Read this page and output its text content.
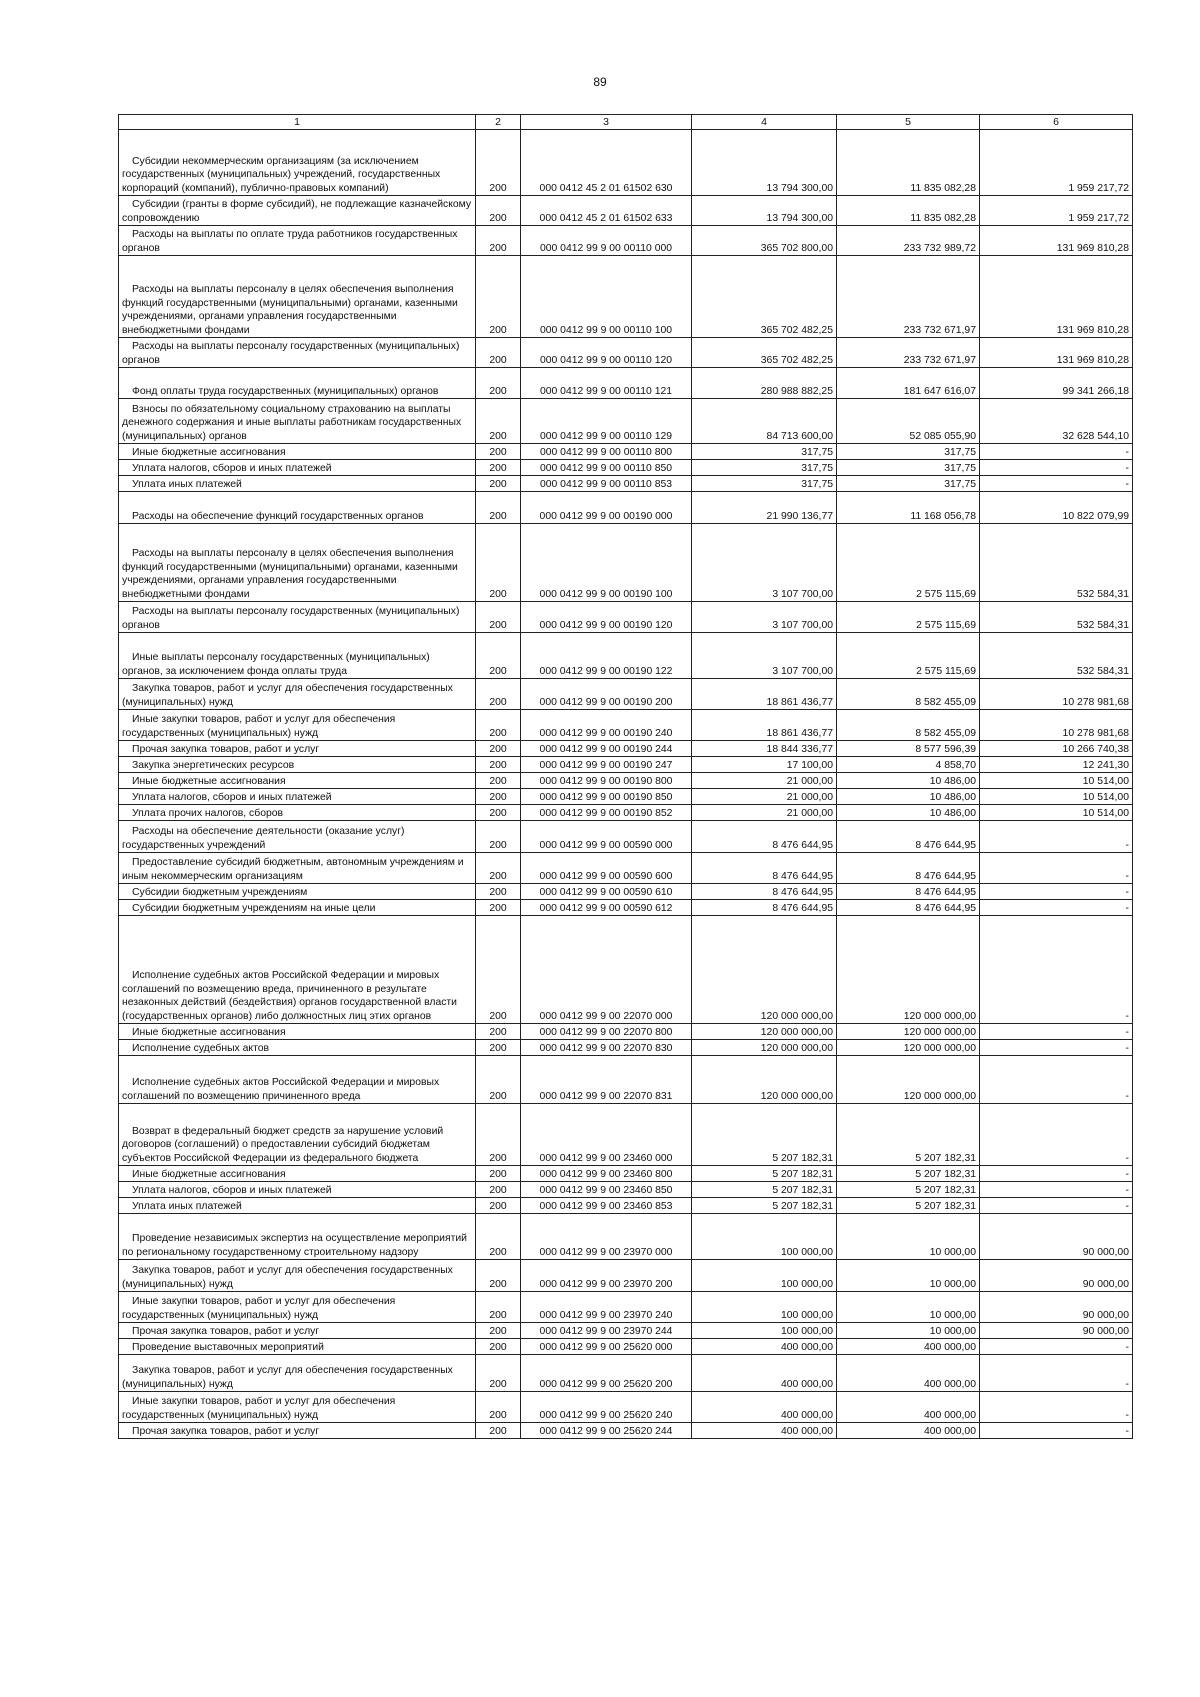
89
1	2	3	4	5	6

Субсидии некоммерческим организациям (за исключением государственных (муниципальных) учреждений, государственных корпораций (компаний), публично-правовых компаний)	200	000 0412 45 2 01 61502 630	13 794 300,00	11 835 082,28	1 959 217,72

Субсидии (гранты в форме субсидий), не подлежащие казначейскому сопровождению	200	000 0412 45 2 01 61502 633	13 794 300,00	11 835 082,28	1 959 217,72

Расходы на выплаты по оплате труда работников государственных органов	200	000 0412 99 9 00 00110 000	365 702 800,00	233 732 989,72	131 969 810,28

Расходы на выплаты персоналу в целях обеспечения выполнения функций государственными (муниципальными) органами, казенными учреждениями, органами управления государственными внебюджетными фондами	200	000 0412 99 9 00 00110 100	365 702 482,25	233 732 671,97	131 969 810,28

Расходы на выплаты персоналу государственных (муниципальных) органов	200	000 0412 99 9 00 00110 120	365 702 482,25	233 732 671,97	131 969 810,28

Фонд оплаты труда государственных (муниципальных) органов	200	000 0412 99 9 00 00110 121	280 988 882,25	181 647 616,07	99 341 266,18

Взносы по обязательному социальному страхованию на выплаты денежного содержания и иные выплаты работникам государственных (муниципальных) органов	200	000 0412 99 9 00 00110 129	84 713 600,00	52 085 055,90	32 628 544,10

Иные бюджетные ассигнования	200	000 0412 99 9 00 00110 800	317,75	317,75	-

Уплата налогов, сборов и иных платежей	200	000 0412 99 9 00 00110 850	317,75	317,75	-

Уплата иных платежей	200	000 0412 99 9 00 00110 853	317,75	317,75	-

Расходы на обеспечение функций государственных органов	200	000 0412 99 9 00 00190 000	21 990 136,77	11 168 056,78	10 822 079,99

Расходы на выплаты персоналу в целях обеспечения выполнения функций государственными (муниципальными) органами, казенными учреждениями, органами управления государственными внебюджетными фондами	200	000 0412 99 9 00 00190 100	3 107 700,00	2 575 115,69	532 584,31

Расходы на выплаты персоналу государственных (муниципальных) органов	200	000 0412 99 9 00 00190 120	3 107 700,00	2 575 115,69	532 584,31

Иные выплаты персоналу государственных (муниципальных) органов, за исключением фонда оплаты труда	200	000 0412 99 9 00 00190 122	3 107 700,00	2 575 115,69	532 584,31

Закупка товаров, работ и услуг для обеспечения государственных (муниципальных) нужд	200	000 0412 99 9 00 00190 200	18 861 436,77	8 582 455,09	10 278 981,68

Иные закупки товаров, работ и услуг для обеспечения государственных (муниципальных) нужд	200	000 0412 99 9 00 00190 240	18 861 436,77	8 582 455,09	10 278 981,68

Прочая закупка товаров, работ и услуг	200	000 0412 99 9 00 00190 244	18 844 336,77	8 577 596,39	10 266 740,38

Закупка энергетических ресурсов	200	000 0412 99 9 00 00190 247	17 100,00	4 858,70	12 241,30

Иные бюджетные ассигнования	200	000 0412 99 9 00 00190 800	21 000,00	10 486,00	10 514,00

Уплата налогов, сборов и иных платежей	200	000 0412 99 9 00 00190 850	21 000,00	10 486,00	10 514,00

Уплата прочих налогов, сборов	200	000 0412 99 9 00 00190 852	21 000,00	10 486,00	10 514,00

Расходы на обеспечение деятельности (оказание услуг) государственных учреждений	200	000 0412 99 9 00 00590 000	8 476 644,95	8 476 644,95	-

Предоставление субсидий бюджетным, автономным учреждениям и иным некоммерческим организациям	200	000 0412 99 9 00 00590 600	8 476 644,95	8 476 644,95	-

Субсидии бюджетным учреждениям	200	000 0412 99 9 00 00590 610	8 476 644,95	8 476 644,95	-

Субсидии бюджетным учреждениям на иные цели	200	000 0412 99 9 00 00590 612	8 476 644,95	8 476 644,95	-

Исполнение судебных актов Российской Федерации и мировых соглашений по возмещению вреда, причиненного в результате незаконных действий (бездействия) органов государственной власти (государственных органов) либо должностных лиц этих органов	200	000 0412 99 9 00 22070 000	120 000 000,00	120 000 000,00	-

Иные бюджетные ассигнования	200	000 0412 99 9 00 22070 800	120 000 000,00	120 000 000,00	-

Исполнение судебных актов	200	000 0412 99 9 00 22070 830	120 000 000,00	120 000 000,00	-

Исполнение судебных актов Российской Федерации и мировых соглашений по возмещению причиненного вреда	200	000 0412 99 9 00 22070 831	120 000 000,00	120 000 000,00	-

Возврат в федеральный бюджет средств за нарушение условий договоров (соглашений) о предоставлении субсидий бюджетам субъектов Российской Федерации из федерального бюджета	200	000 0412 99 9 00 23460 000	5 207 182,31	5 207 182,31	-

Иные бюджетные ассигнования	200	000 0412 99 9 00 23460 800	5 207 182,31	5 207 182,31	-

Уплата налогов, сборов и иных платежей	200	000 0412 99 9 00 23460 850	5 207 182,31	5 207 182,31	-

Уплата иных платежей	200	000 0412 99 9 00 23460 853	5 207 182,31	5 207 182,31	-

Проведение независимых экспертиз на осуществление мероприятий по региональному государственному строительному надзору	200	000 0412 99 9 00 23970 000	100 000,00	10 000,00	90 000,00

Закупка товаров, работ и услуг для обеспечения государственных (муниципальных) нужд	200	000 0412 99 9 00 23970 200	100 000,00	10 000,00	90 000,00

Иные закупки товаров, работ и услуг для обеспечения государственных (муниципальных) нужд	200	000 0412 99 9 00 23970 240	100 000,00	10 000,00	90 000,00

Прочая закупка товаров, работ и услуг	200	000 0412 99 9 00 23970 244	100 000,00	10 000,00	90 000,00

Проведение выставочных мероприятий	200	000 0412 99 9 00 25620 000	400 000,00	400 000,00	-

Закупка товаров, работ и услуг для обеспечения государственных (муниципальных) нужд	200	000 0412 99 9 00 25620 200	400 000,00	400 000,00	-

Иные закупки товаров, работ и услуг для обеспечения государственных (муниципальных) нужд	200	000 0412 99 9 00 25620 240	400 000,00	400 000,00	-

Прочая закупка товаров, работ и услуг	200	000 0412 99 9 00 25620 244	400 000,00	400 000,00	-
